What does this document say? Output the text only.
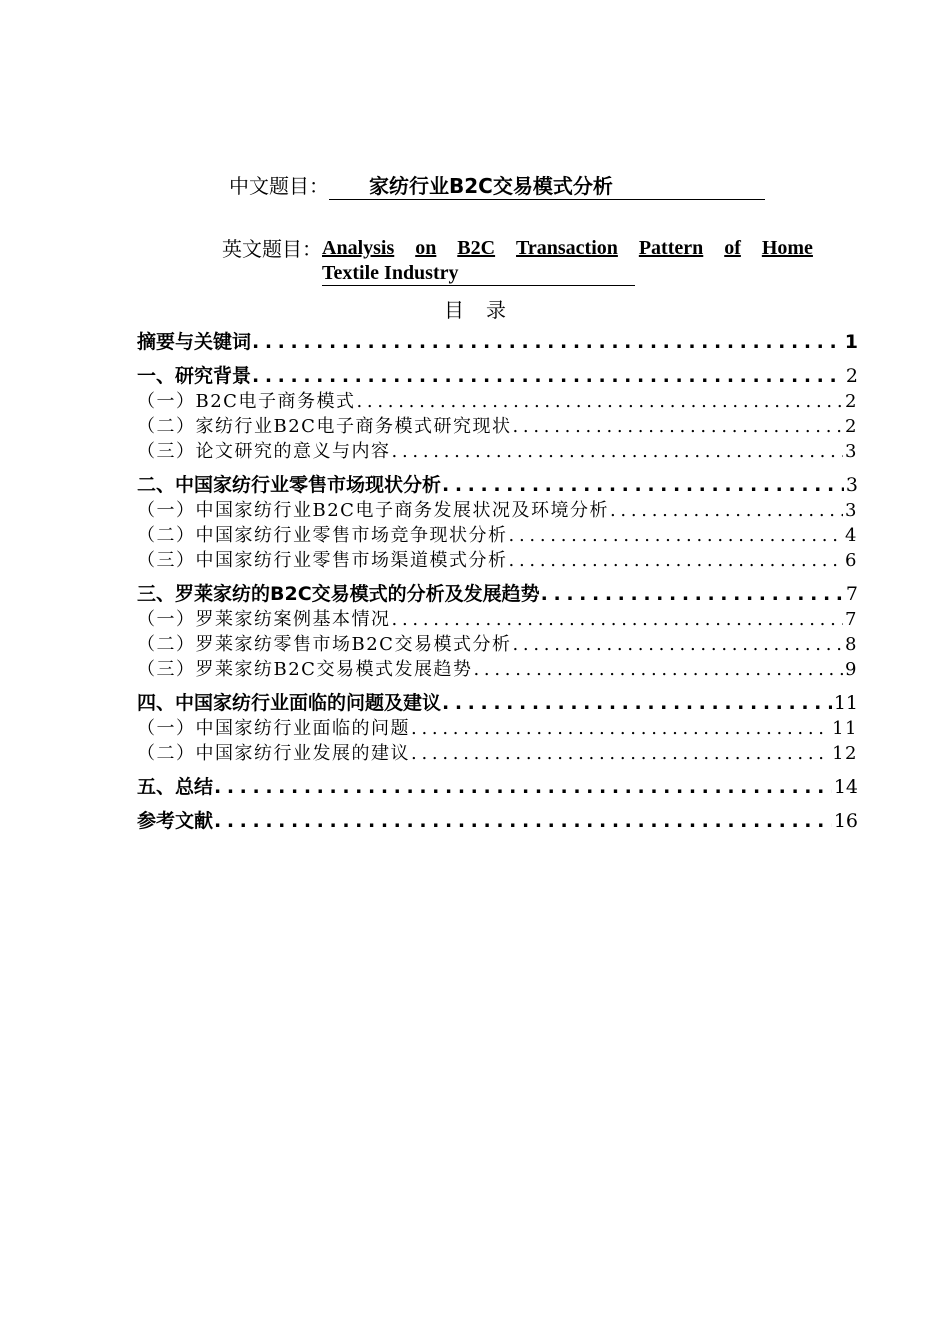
中文题目：	家纺行业B2C交易模式分析
英文题目： Analysis on B2C Transaction Pattern of Home
Textile Industry
目录
摘要与关键词 . . .	1
一、研究背景 . . .	2
（一）B2C电子商务模式 . . .	2
（二）家纺行业B2C电子商务模式研究现状 . . .	2
（三）论文研究的意义与内容 . . .	3
二、中国家纺行业零售市场现状分析 . . .	3
（一）中国家纺行业B2C电子商务发展状况及环境分析 . . .	3
（二）中国家纺行业零售市场竞争现状分析 . . .	4
（三）中国家纺行业零售市场渠道模式分析 . . .	6
三、罗莱家纺的B2C交易模式的分析及发展趋势 . . .	7
（一）罗莱家纺案例基本情况 . . .	7
（二）罗莱家纺零售市场B2C交易模式分析 . . .	8
（三）罗莱家纺B2C交易模式发展趋势 . . .	9
四、中国家纺行业面临的问题及建议 . . .	11
（一）中国家纺行业面临的问题 . . .	11
（二）中国家纺行业发展的建议 . . .	12
五、总结 . . .	14
参考文献 . . .	16
